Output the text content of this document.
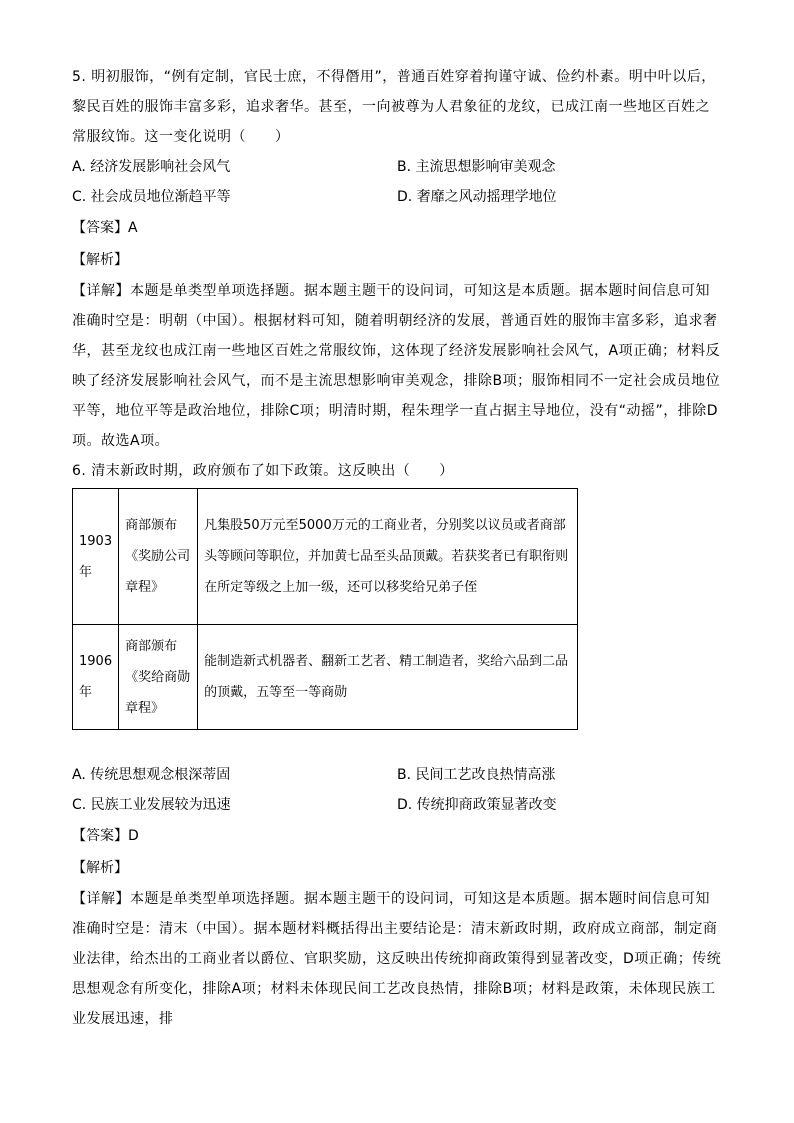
5. 明初服饰，“例有定制，官民士庶，不得僭用”，普通百姓穿着拘谨守诚、俭约朴素。明中叶以后，黎民百姓的服饰丰富多彩，追求奢华。甚至，一向被尊为人君象征的龙纹，已成江南一些地区百姓之常服纹饰。这一变化说明（　　）

A. 经济发展影响社会风气	B. 主流思想影响审美观念
C. 社会成员地位渐趋平等	D. 奢靡之风动摇理学地位
【答案】A
【解析】

【详解】本题是单类型单项选择题。据本题主题干的设问词，可知这是本质题。据本题时间信息可知准确时空是：明朝（中国）。根据材料可知，随着明朝经济的发展，普通百姓的服饰丰富多彩，追求奢华，甚至龙纹也成江南一些地区百姓之常服纹饰，这体现了经济发展影响社会风气，A项正确；材料反映了经济发展影响社会风气，而不是主流思想影响审美观念，排除B项；服饰相同不一定社会成员地位平等，地位平等是政治地位，排除C项；明清时期，程朱理学一直占据主导地位，没有“动摇”，排除D项。故选A项。

6. 清末新政时期，政府颁布了如下政策。这反映出（　　）

1903年	商部颁布《奖励公司章程》	凡集股50万元至5000万元的工商业者，分别奖以议员或者商部头等顾问等职位，并加黄七品至头品顶戴。若获奖者已有职衔则在所定等级之上加一级，还可以移奖给兄弟子侄
1906年	商部颁布《奖给商勋章程》	能制造新式机器者、翻新工艺者、精工制造者，奖给六品到二品的顶戴，五等至一等商勋
A. 传统思想观念根深蒂固	B. 民间工艺改良热情高涨
C. 民族工业发展较为迅速	D. 传统抑商政策显著改变
【答案】D
【解析】

【详解】本题是单类型单项选择题。据本题主题干的设问词，可知这是本质题。据本题时间信息可知准确时空是：清末（中国）。据本题材料概括得出主要结论是：清末新政时期，政府成立商部，制定商业法律，给杰出的工商业者以爵位、官职奖励，这反映出传统抑商政策得到显著改变，D项正确；传统思想观念有所变化，排除A项；材料未体现民间工艺改良热情，排除B项；材料是政策，未体现民族工业发展迅速，排
